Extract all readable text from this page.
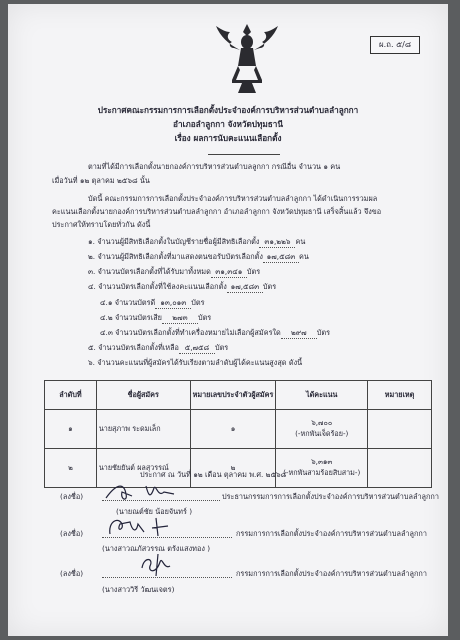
ผ.ถ. ๕/๘
ประกาศคณะกรรมการการเลือกตั้งประจำองค์การบริหารส่วนตำบลลำลูกกา
อำเภอลำลูกกา จังหวัดปทุมธานี
เรื่อง ผลการนับคะแนนเลือกตั้ง
ตามที่ได้มีการเลือกตั้งนายกองค์การบริหารส่วนตำบลลูกกา กรณีอื่น จำนวน ๑ คน
เมื่อวันที่ ๑๒ ตุลาคม ๒๕๖๘ นั้น
บัดนี้ คณะกรรมการการเลือกตั้งประจำองค์การบริหารส่วนตำบลลำลูกกา ได้ดำเนินการรวมผล
คะแนนเลือกตั้งนายกองค์การบริหารส่วนตำบลลำลูกกา อำเภอลำลูกกา จังหวัดปทุมธานี เสร็จสิ้นแล้ว จึงขอ
ประกาศให้ทราบโดยทั่วกัน ดังนี้
๑. จำนวนผู้มีสิทธิเลือกตั้งในบัญชีรายชื่อผู้มีสิทธิเลือกตั้ง ๓๑,๒๒๖ คน
๒. จำนวนผู้มีสิทธิเลือกตั้งที่มาแสดงตนขอรับบัตรเลือกตั้ง ๑๗,๕๘๓ คน
๓. จำนวนบัตรเลือกตั้งที่ได้รับมาทั้งหมด ๓๑,๓๔๑ บัตร
๔. จำนวนบัตรเลือกตั้งที่ใช้ลงคะแนนเลือกตั้ง ๑๗,๕๘๓ บัตร
๔.๑ จำนวนบัตรดี ๑๓,๐๑๓ บัตร
๔.๒ จำนวนบัตรเสีย ๒๗๓ บัตร
๔.๓ จำนวนบัตรเลือกตั้งที่ทำเครื่องหมายไม่เลือกผู้สมัครใด ๒๙๗ บัตร
๕. จำนวนบัตรเลือกตั้งที่เหลือ ๕,๗๕๘ บัตร
๖. จำนวนคะแนนที่ผู้สมัครได้รับเรียงตามลำดับผู้ได้คะแนนสูงสุด ดังนี้
ลำดับที่	ชื่อผู้สมัคร	หมายเลขประจำตัวผู้สมัคร	ได้คะแนน	หมายเหตุ
๑	นายสุภาพ ระดมเล็ก	๑	๖,๗๐๐
(-หกพันเจ็ดร้อย-)	

๒	นายชัยยันต์ ผลสุวรรณ์	๒	๖,๓๑๓
(-หกพันสามร้อยสิบสาม-)	

ประกาศ ณ วันที่ ๑๒ เดือน ตุลาคม พ.ศ. ๒๕๖๘
(ลงชื่อ)	ประธานกรรมการการเลือกตั้งประจำองค์การบริหารส่วนตำบลลำลูกกา
(นายณต์ชัย น้อยจันทร์ )
(ลงชื่อ)	กรรมการการเลือกตั้งประจำองค์การบริหารส่วนตำบลลำลูกกา
(นางสาวณภัสวรรณ ตรังแสงทอง )
(ลงชื่อ)	กรรมการการเลือกตั้งประจำองค์การบริหารส่วนตำบลลำลูกกา
(นางสาววิรี วัฒนเจตร)
